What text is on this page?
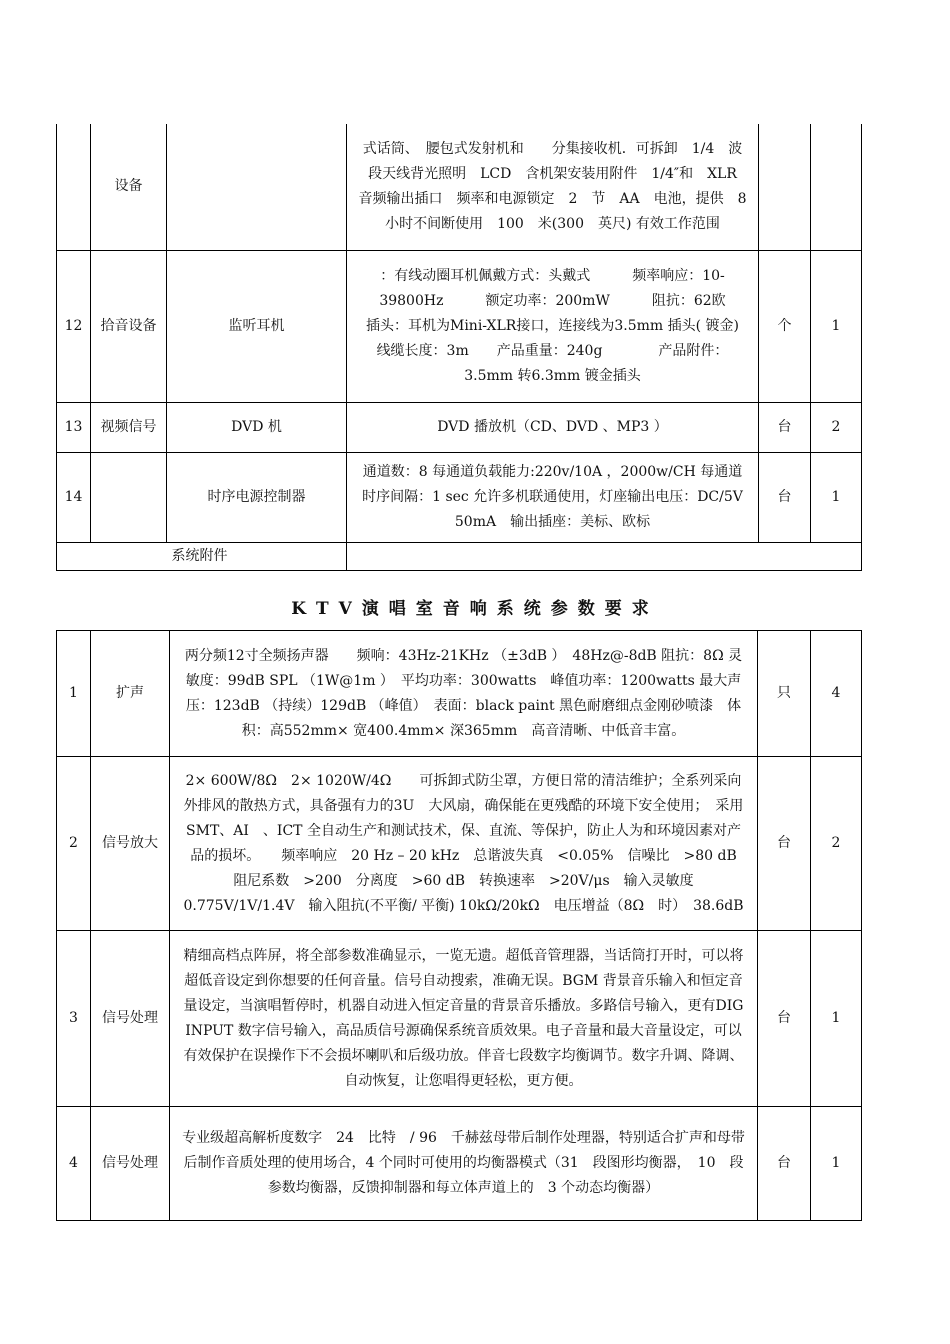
	设备		式话筒、　腰包式发射机和　　分集接收机．可拆卸　1/4　波段天线背光照明　LCD　含机架安装用附件　1/4″和　XLR　音频输出插口　频率和电源锁定　2　节　AA　电池，提供　8　小时不间断使用　100　米(300　英尺) 有效工作范围		
12	拾音设备	监听耳机	：有线动圈耳机佩戴方式：头戴式　　　频率响应：10-39800Hz　　　额定功率：200mW　　　阻抗：62欧　　　　插头：耳机为Mini-XLR接口，连接线为3.5mm 插头( 镀金)　　　线缆长度：3m　　产品重量：240g　　　　产品附件：3.5mm 转6.3mm 镀金插头	个	1
13	视频信号	DVD 机	DVD 播放机（CD、DVD 、MP3 ）	台	2
14		时序电源控制器	通道数：8 每通道负载能力:220v/10A ，2000w/CH 每通道时序间隔：1 sec 允许多机联通使用，灯座输出电压：DC/5V 50mA　输出插座：美标、欧标	台	1
系统附件					
KTV演唱室音响系统参数要求
1	扩声	两分频12寸全频扬声器　　频响：43Hz-21KHz （±3dB ）　48Hz@-8dB 阻抗：8Ω 灵敏度：99dB SPL （1W@1m ）　平均功率：300watts　峰值功率：1200watts 最大声压：123dB （持续）129dB （峰值）　表面：black paint 黑色耐磨细点金刚砂喷漆　体积：高552mm× 宽400.4mm× 深365mm　高音清晰、中低音丰富。	只	4
2	信号放大	2× 600W/8Ω　2× 1020W/4Ω　　可拆卸式防尘罩，方便日常的清洁维护；全系列采向外排风的散热方式，具备强有力的3U　大风扇，确保能在更残酷的环境下安全使用；　采用SMT、AI　、ICT 全自动生产和测试技术，保、直流、等保护，防止人为和环境因素对产品的损坏。　　频率响应　20 Hz – 20 kHz　总谐波失真　<0.05%　信噪比　>80 dB　阻尼系数　>200　分离度　>60 dB　转换速率　>20V/μs　输入灵敏度　0.775V/1V/1.4V　输入阻抗(不平衡/ 平衡) 10kΩ/20kΩ　电压增益（8Ω　时）　38.6dB	台	2
3	信号处理	精细高档点阵屏，将全部参数准确显示，一览无遗。超低音管理器，当话筒打开时，可以将超低音设定到你想要的任何音量。信号自动搜索，准确无误。BGM 背景音乐输入和恒定音量设定，当演唱暂停时，机器自动进入恒定音量的背景音乐播放。多路信号输入，更有DIG INPUT 数字信号输入，高品质信号源确保系统音质效果。电子音量和最大音量设定，可以有效保护在误操作下不会损坏喇叭和后级功放。伴音七段数字均衡调节。数字升调、降调、自动恢复，让您唱得更轻松，更方便。	台	1
4	信号处理	专业级超高解析度数字　24　比特　/ 96　千赫兹母带后制作处理器，特别适合扩声和母带后制作音质处理的使用场合，4 个同时可使用的均衡器模式（31　段图形均衡器，　10　段参数均衡器，反馈抑制器和每立体声道上的　3 个动态均衡器）	台	1
